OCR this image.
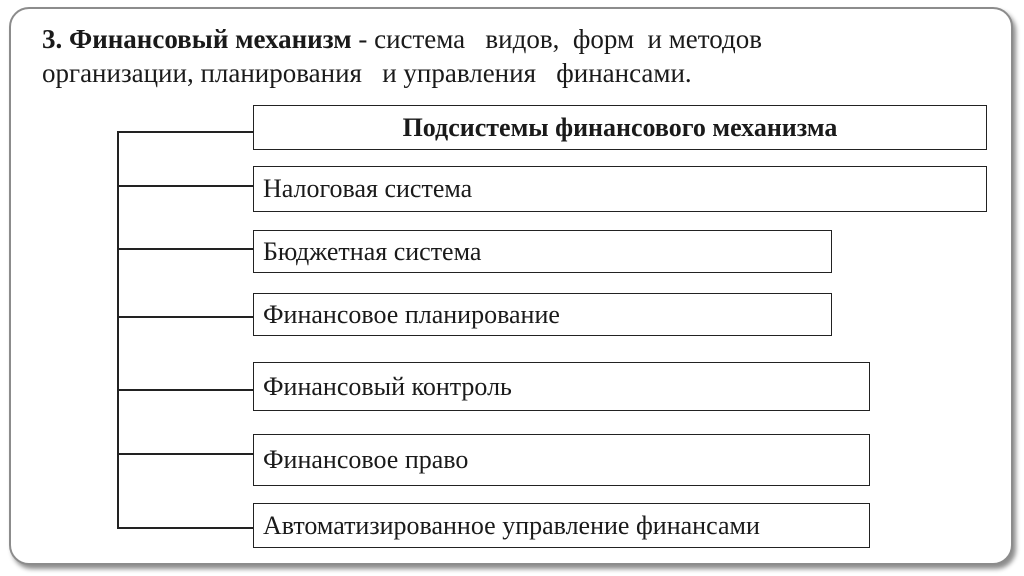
3. Финансовый механизм - система   видов,  форм  и методов
организации, планирования   и управления   финансами.
Подсистемы финансового механизма
Налоговая система
Бюджетная система
Финансовое планирование
Финансовый контроль
Финансовое право
Автоматизированное управление финансами
